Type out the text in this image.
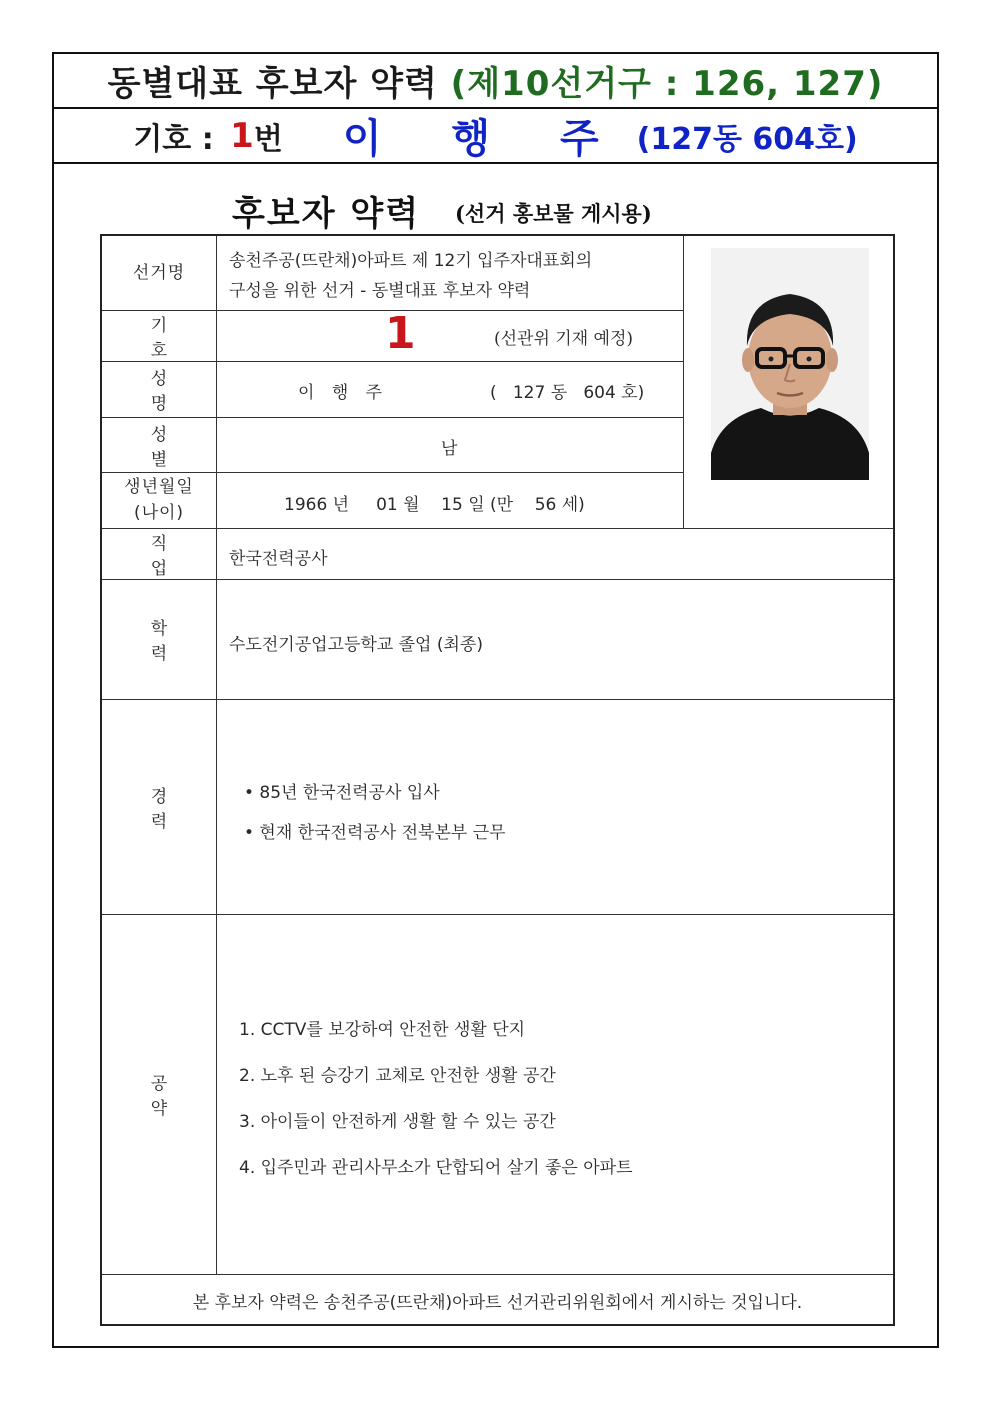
동별대표 후보자 약력 (제10선거구 : 126, 127)
기호 : 1 번 이 행 주 (127동 604호)
후보자 약력 (선거 홍보물 게시용)
선거명
기 호
성 명
성 별
생년월일
(나이)
직 업
학 력
경 력
공 약
송천주공(뜨란채)아파트 제 12기 입주자대표회의
구성을 위한 선거 - 동별대표 후보자 약력
1	(선관위 기재 예정)
이 행 주	(   127 동   604 호)
남
1966 년     01 월    15 일 (만    56 세)
한국전력공사
수도전기공업고등학교 졸업 (최종)
• 85년 한국전력공사 입사
• 현재 한국전력공사 전북본부 근무
1. CCTV를 보강하여 안전한 생활 단지
2. 노후 된 승강기 교체로 안전한 생활 공간
3. 아이들이 안전하게 생활 할 수 있는 공간
4. 입주민과 관리사무소가 단합되어 살기 좋은 아파트
본 후보자 약력은 송천주공(뜨란채)아파트 선거관리위원회에서 게시하는 것입니다.
